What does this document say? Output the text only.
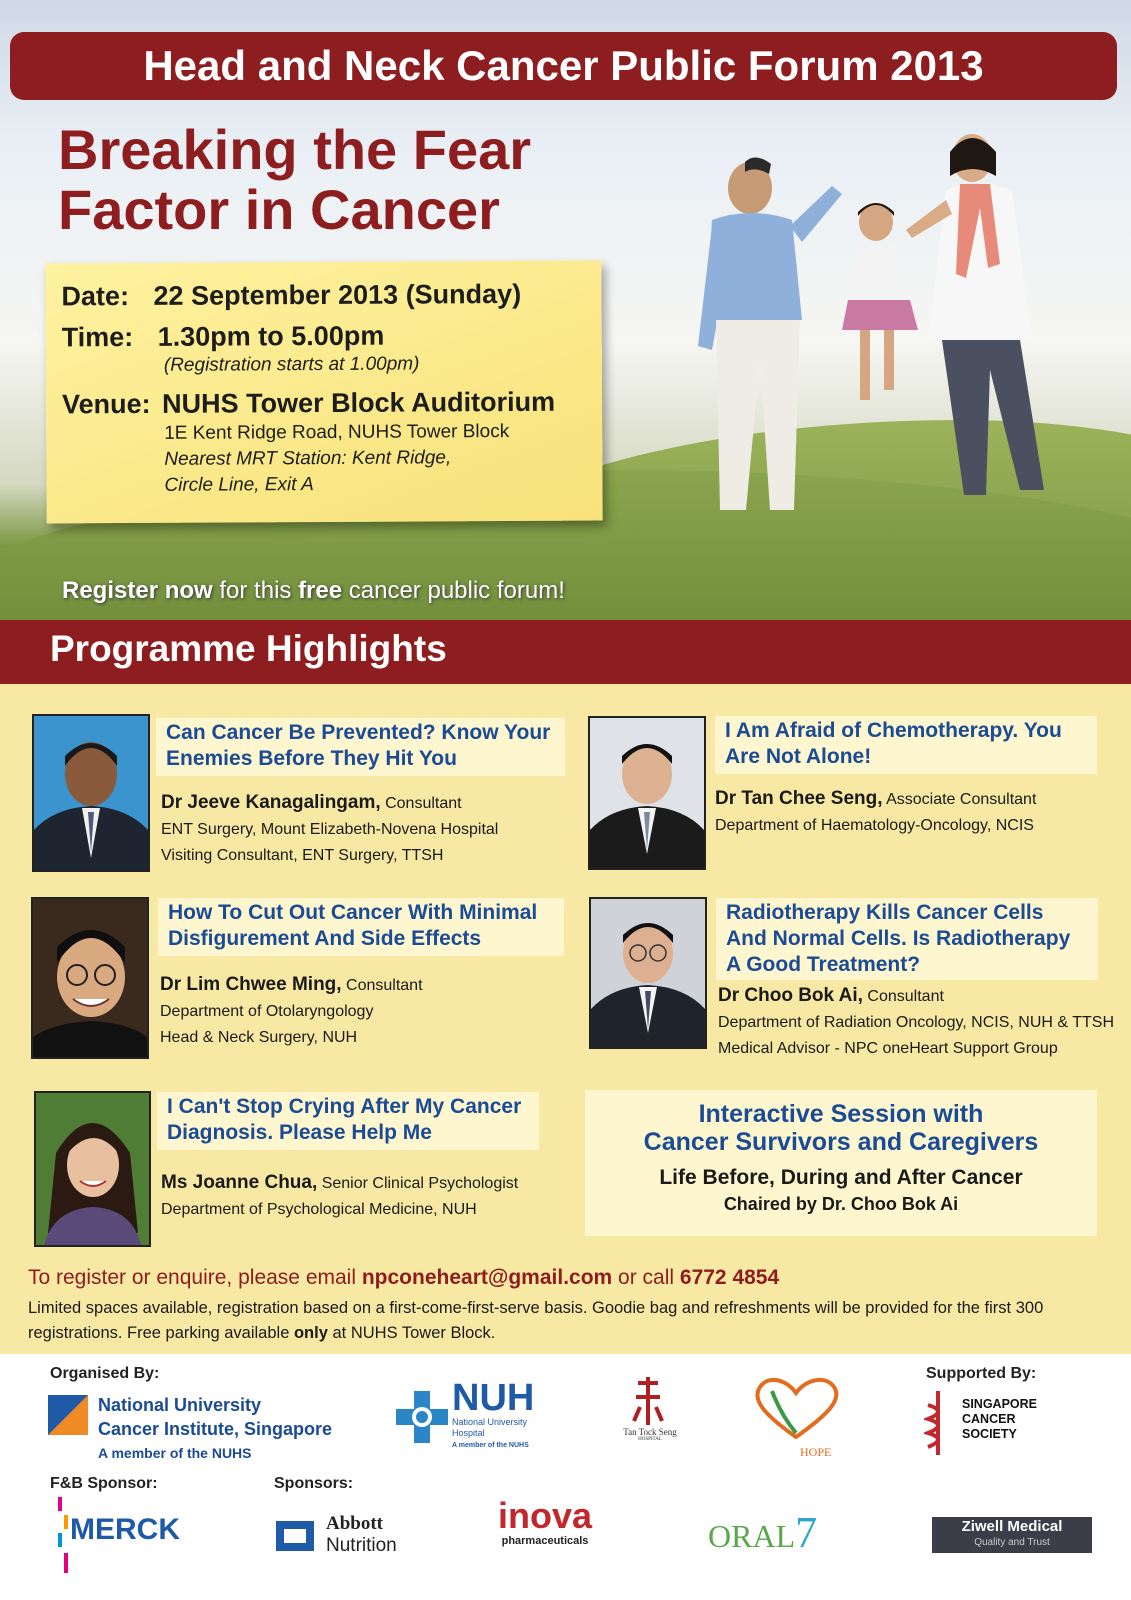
Head and Neck Cancer Public Forum 2013
Breaking the Fear
Factor in Cancer
Date: 22 September 2013 (Sunday)
Time: 1.30pm to 5.00pm
(Registration starts at 1.00pm)
Venue: NUHS Tower Block Auditorium
1E Kent Ridge Road, NUHS Tower Block
Nearest MRT Station: Kent Ridge,
Circle Line, Exit A
Register now for this free cancer public forum!
Programme Highlights
Can Cancer Be Prevented? Know Your Enemies Before They Hit You
Dr Jeeve Kanagalingam, Consultant
ENT Surgery, Mount Elizabeth-Novena Hospital
Visiting Consultant, ENT Surgery, TTSH
I Am Afraid of Chemotherapy. You Are Not Alone!
Dr Tan Chee Seng, Associate Consultant
Department of Haematology-Oncology, NCIS
How To Cut Out Cancer With Minimal Disfigurement And Side Effects
Dr Lim Chwee Ming, Consultant
Department of Otolaryngology
Head & Neck Surgery, NUH
Radiotherapy Kills Cancer Cells And Normal Cells. Is Radiotherapy A Good Treatment?
Dr Choo Bok Ai, Consultant
Department of Radiation Oncology, NCIS, NUH & TTSH
Medical Advisor - NPC oneHeart Support Group
I Can't Stop Crying After My Cancer Diagnosis. Please Help Me
Ms Joanne Chua, Senior Clinical Psychologist
Department of Psychological Medicine, NUH
Interactive Session with
Cancer Survivors and Caregivers
Life Before, During and After Cancer
Chaired by Dr. Choo Bok Ai
To register or enquire, please email npconeheart@gmail.com or call 6772 4854
Limited spaces available, registration based on a first-come-first-serve basis. Goodie bag and refreshments will be provided for the first 300 registrations. Free parking available only at NUHS Tower Block.
Organised By:	Supported By:
F&B Sponsor:	Sponsors:
National University
Cancer Institute, Singapore
A member of the NUHS
NUH
National University
Hospital
A member of the NUHS
Tan Tock Seng
HOSPITAL
HOPE
SINGAPORE
CANCER
SOCIETY
MERCK	Abbott
Nutrition
inova
pharmaceuticals	ORAL7	Ziwell Medical
Quality and Trust
